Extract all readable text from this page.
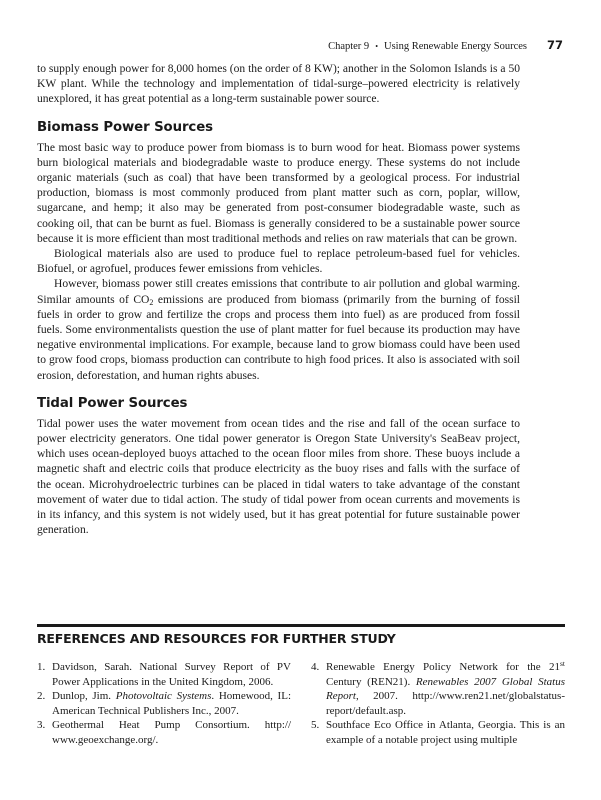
Chapter 9 • Using Renewable Energy Sources 77

to supply enough power for 8,000 homes (on the order of 8 KW); another in the Solomon Islands is a 50 KW plant. While the technology and implementation of tidal-surge–powered electricity is relatively unexplored, it has great potential as a long-term sustainable power source.

Biomass Power Sources

The most basic way to produce power from biomass is to burn wood for heat. Biomass power systems burn biological materials and biodegradable waste to produce energy. These systems do not include organic materials (such as coal) that have been transformed by a geological process. For industrial production, biomass is most commonly produced from plant matter such as corn, poplar, willow, sugarcane, and hemp; it also may be generated from post-consumer biodegradable waste, such as cooking oil, that can be burnt as fuel. Biomass is generally considered to be a sustainable power source because it is more efficient than most traditional methods and relies on raw materials that can be grown.

Biological materials also are used to produce fuel to replace petroleum-based fuel for vehicles. Biofuel, or agrofuel, produces fewer emissions from vehicles.

However, biomass power still creates emissions that contribute to air pollution and global warming. Similar amounts of $CO_2$ emissions are produced from biomass (primarily from the burning of fossil fuels in order to grow and fertilize the crops and process them into fuel) as are produced from fossil fuels. Some environmentalists question the use of plant matter for fuel because its production may have negative environmental implications. For example, because land to grow biomass could have been used to grow food crops, biomass production can contribute to high food prices. It also is associated with soil erosion, deforestation, and human rights abuses.

Tidal Power Sources

Tidal power uses the water movement from ocean tides and the rise and fall of the ocean surface to power electricity generators. One tidal power generator is Oregon State University's SeaBeav project, which uses ocean-deployed buoys attached to the ocean floor miles from shore. These buoys include a magnetic shaft and electric coils that produce electricity as the buoy rises and falls with the surface of the ocean. Microhydroelectric turbines can be placed in tidal waters to take advantage of the constant movement of water due to tidal action. The study of tidal power from ocean currents and movements is in its infancy, and this system is not widely used, but it has great potential for future sustainable power generation.

REFERENCES AND RESOURCES FOR FURTHER STUDY
1. Davidson, Sarah. National Survey Report of PV Power Applications in the United Kingdom, 2006.
2. Dunlop, Jim. Photovoltaic Systems. Homewood, IL: American Technical Publishers Inc., 2007.
3. Geothermal Heat Pump Consortium. http:// www.geoexchange.org/.
4. Renewable Energy Policy Network for the 21st Century (REN21). Renewables 2007 Global Status Report, 2007. http://www.ren21.net/globalstatus-report/default.asp.
5. Southface Eco Office in Atlanta, Georgia. This is an example of a notable project using multiple
